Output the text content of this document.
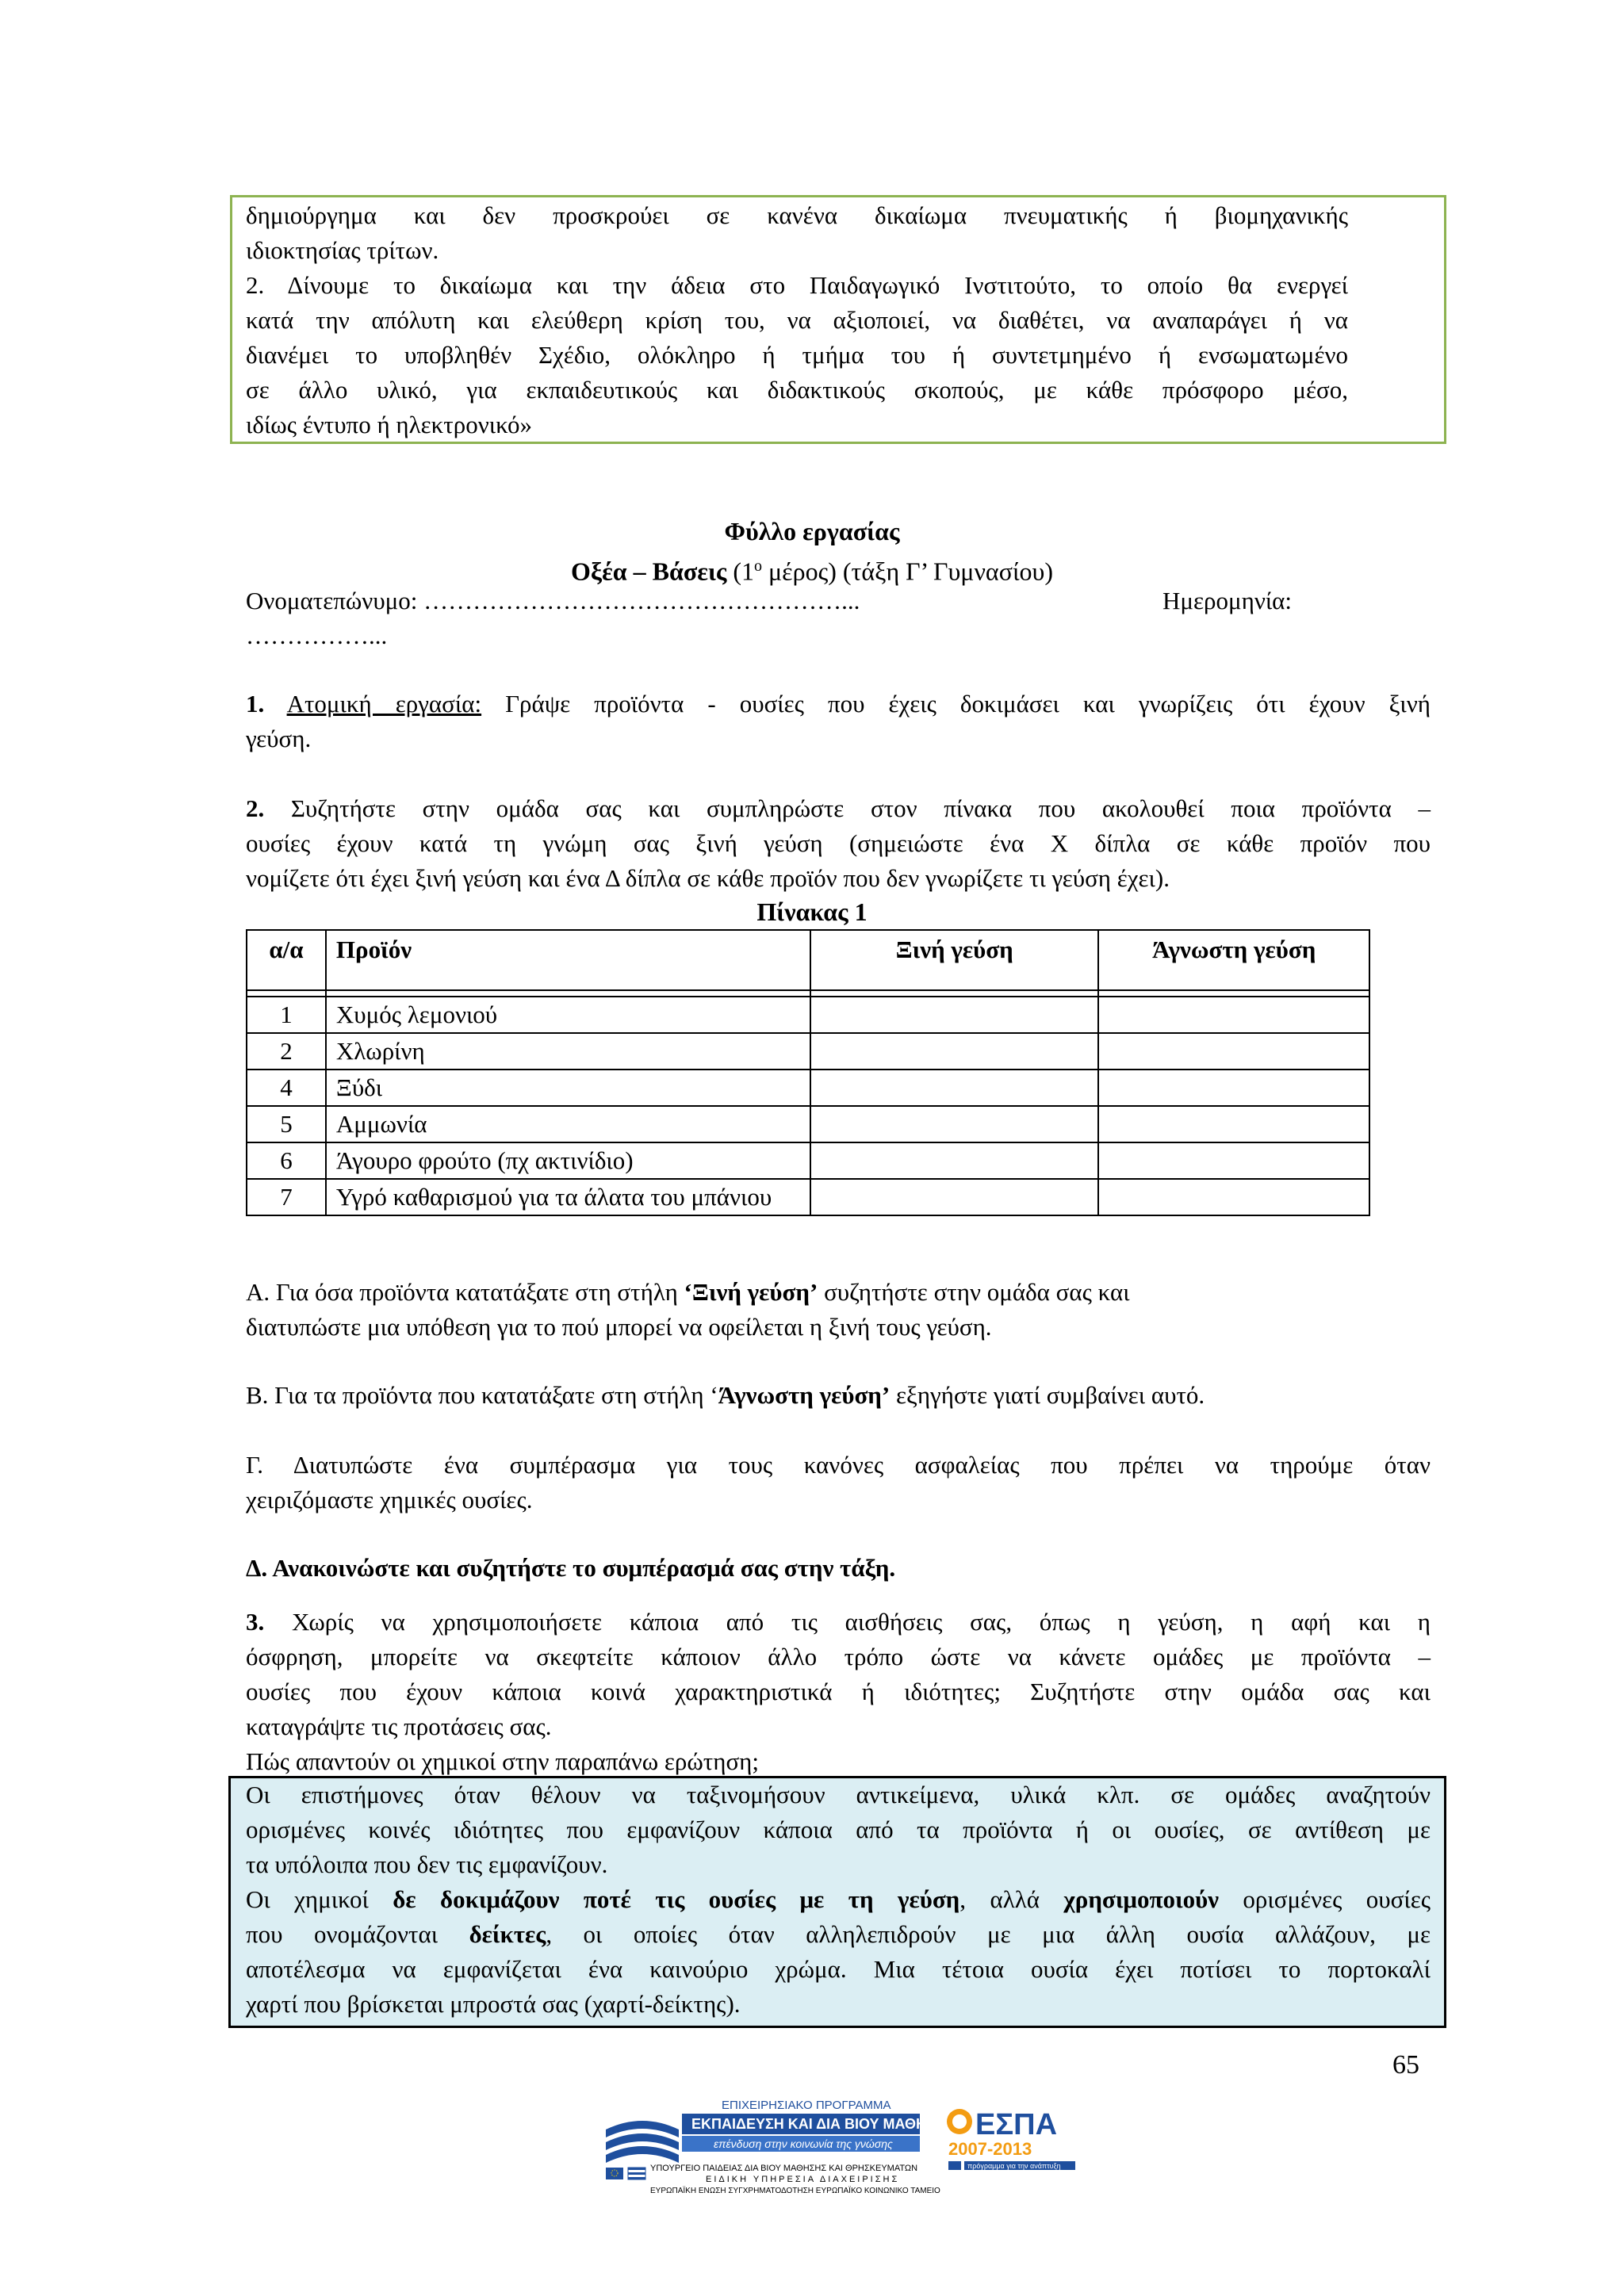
δημιούργημα και δεν προσκρούει σε κανένα δικαίωμα πνευματικής ή βιομηχανικής
ιδιοκτησίας τρίτων.
2. Δίνουμε το δικαίωμα και την άδεια στο Παιδαγωγικό Ινστιτούτο, το οποίο θα ενεργεί
κατά την απόλυτη και ελεύθερη κρίση του, να αξιοποιεί, να διαθέτει, να αναπαράγει ή να
διανέμει το υποβληθέν Σχέδιο, ολόκληρο ή τμήμα του ή συντετμημένο ή ενσωματωμένο
σε άλλο υλικό, για εκπαιδευτικούς και διδακτικούς σκοπούς, με κάθε πρόσφορο μέσο,
ιδίως έντυπο ή ηλεκτρονικό»
Φύλλο εργασίας
Οξέα – Βάσεις ($1^o$ μέρος) (τάξη Γ’ Γυμνασίου)
Ονοματεπώνυμο: ……………………………………………...	Ημερομηνία:
……………...
1. Ατομική εργασία: Γράψε προϊόντα - ουσίες που έχεις δοκιμάσει και γνωρίζεις ότι έχουν ξινή
γεύση.
2. Συζητήστε στην ομάδα σας και συμπληρώστε στον πίνακα που ακολουθεί ποια προϊόντα –
ουσίες έχουν κατά τη γνώμη σας ξινή γεύση (σημειώστε ένα Χ δίπλα σε κάθε προϊόν που
νομίζετε ότι έχει ξινή γεύση και ένα Δ δίπλα σε κάθε προϊόν που δεν γνωρίζετε τι γεύση έχει).
Πίνακας 1
α/α	Προϊόν	Ξινή γεύση	Άγνωστη γεύση

1	Χυμός λεμονιού		
2	Χλωρίνη		
4	Ξύδι		
5	Αμμωνία		
6	Άγουρο φρούτο (πχ ακτινίδιο)		
7	Υγρό καθαρισμού για τα άλατα του μπάνιου		
Α. Για όσα προϊόντα κατατάξατε στη στήλη ‘Ξινή γεύση’ συζητήστε στην ομάδα σας και
διατυπώστε μια υπόθεση για το πού μπορεί να οφείλεται η ξινή τους γεύση.
Β. Για τα προϊόντα που κατατάξατε στη στήλη ‘Άγνωστη γεύση’ εξηγήστε γιατί συμβαίνει αυτό.
Γ. Διατυπώστε ένα συμπέρασμα για τους κανόνες ασφαλείας που πρέπει να τηρούμε όταν
χειριζόμαστε χημικές ουσίες.
Δ. Ανακοινώστε και συζητήστε το συμπέρασμά σας στην τάξη.
3. Χωρίς να χρησιμοποιήσετε κάποια από τις αισθήσεις σας, όπως η γεύση, η αφή και η
όσφρηση, μπορείτε να σκεφτείτε κάποιον άλλο τρόπο ώστε να κάνετε ομάδες με προϊόντα –
ουσίες που έχουν κάποια κοινά χαρακτηριστικά ή ιδιότητες; Συζητήστε στην ομάδα σας και
καταγράψτε τις προτάσεις σας.
Πώς απαντούν οι χημικοί στην παραπάνω ερώτηση;
Οι επιστήμονες όταν θέλουν να ταξινομήσουν αντικείμενα, υλικά κλπ. σε ομάδες αναζητούν
ορισμένες κοινές ιδιότητες που εμφανίζουν κάποια από τα προϊόντα ή οι ουσίες, σε αντίθεση με
τα υπόλοιπα που δεν τις εμφανίζουν.
Οι χημικοί δε δοκιμάζουν ποτέ τις ουσίες με τη γεύση, αλλά χρησιμοποιούν ορισμένες ουσίες
που ονομάζονται δείκτες, οι οποίες όταν αλληλεπιδρούν με μια άλλη ουσία αλλάζουν, με
αποτέλεσμα να εμφανίζεται ένα καινούριο χρώμα. Μια τέτοια ουσία έχει ποτίσει το πορτοκαλί
χαρτί που βρίσκεται μπροστά σας (χαρτί-δείκτης).
65
ΕΠΙΧΕΙΡΗΣΙΑΚΟ ΠΡΟΓΡΑΜΜΑ
ΕΚΠΑΙΔΕΥΣΗ ΚΑΙ ΔΙΑ ΒΙΟΥ ΜΑΘΗΣΗ
επένδυση στην κοινωνία της γνώσης
ΥΠΟΥΡΓΕΙΟ ΠΑΙΔΕΙΑΣ ΔΙΑ ΒΙΟΥ ΜΑΘΗΣΗΣ ΚΑΙ ΘΡΗΣΚΕΥΜΑΤΩΝ
ΕΙΔΙΚΗ ΥΠΗΡΕΣΙΑ ΔΙΑΧΕΙΡΙΣΗΣ
ΕΥΡΩΠΑΪΚΗ ΕΝΩΣΗ ΣΥΓΧΡΗΜΑΤΟΔΟΤΗΣΗ ΕΥΡΩΠΑΪΚΟ ΚΟΙΝΩΝΙΚΟ ΤΑΜΕΙΟ
ΕΣΠΑ
2007-2013
πρόγραμμα για την ανάπτυξη
